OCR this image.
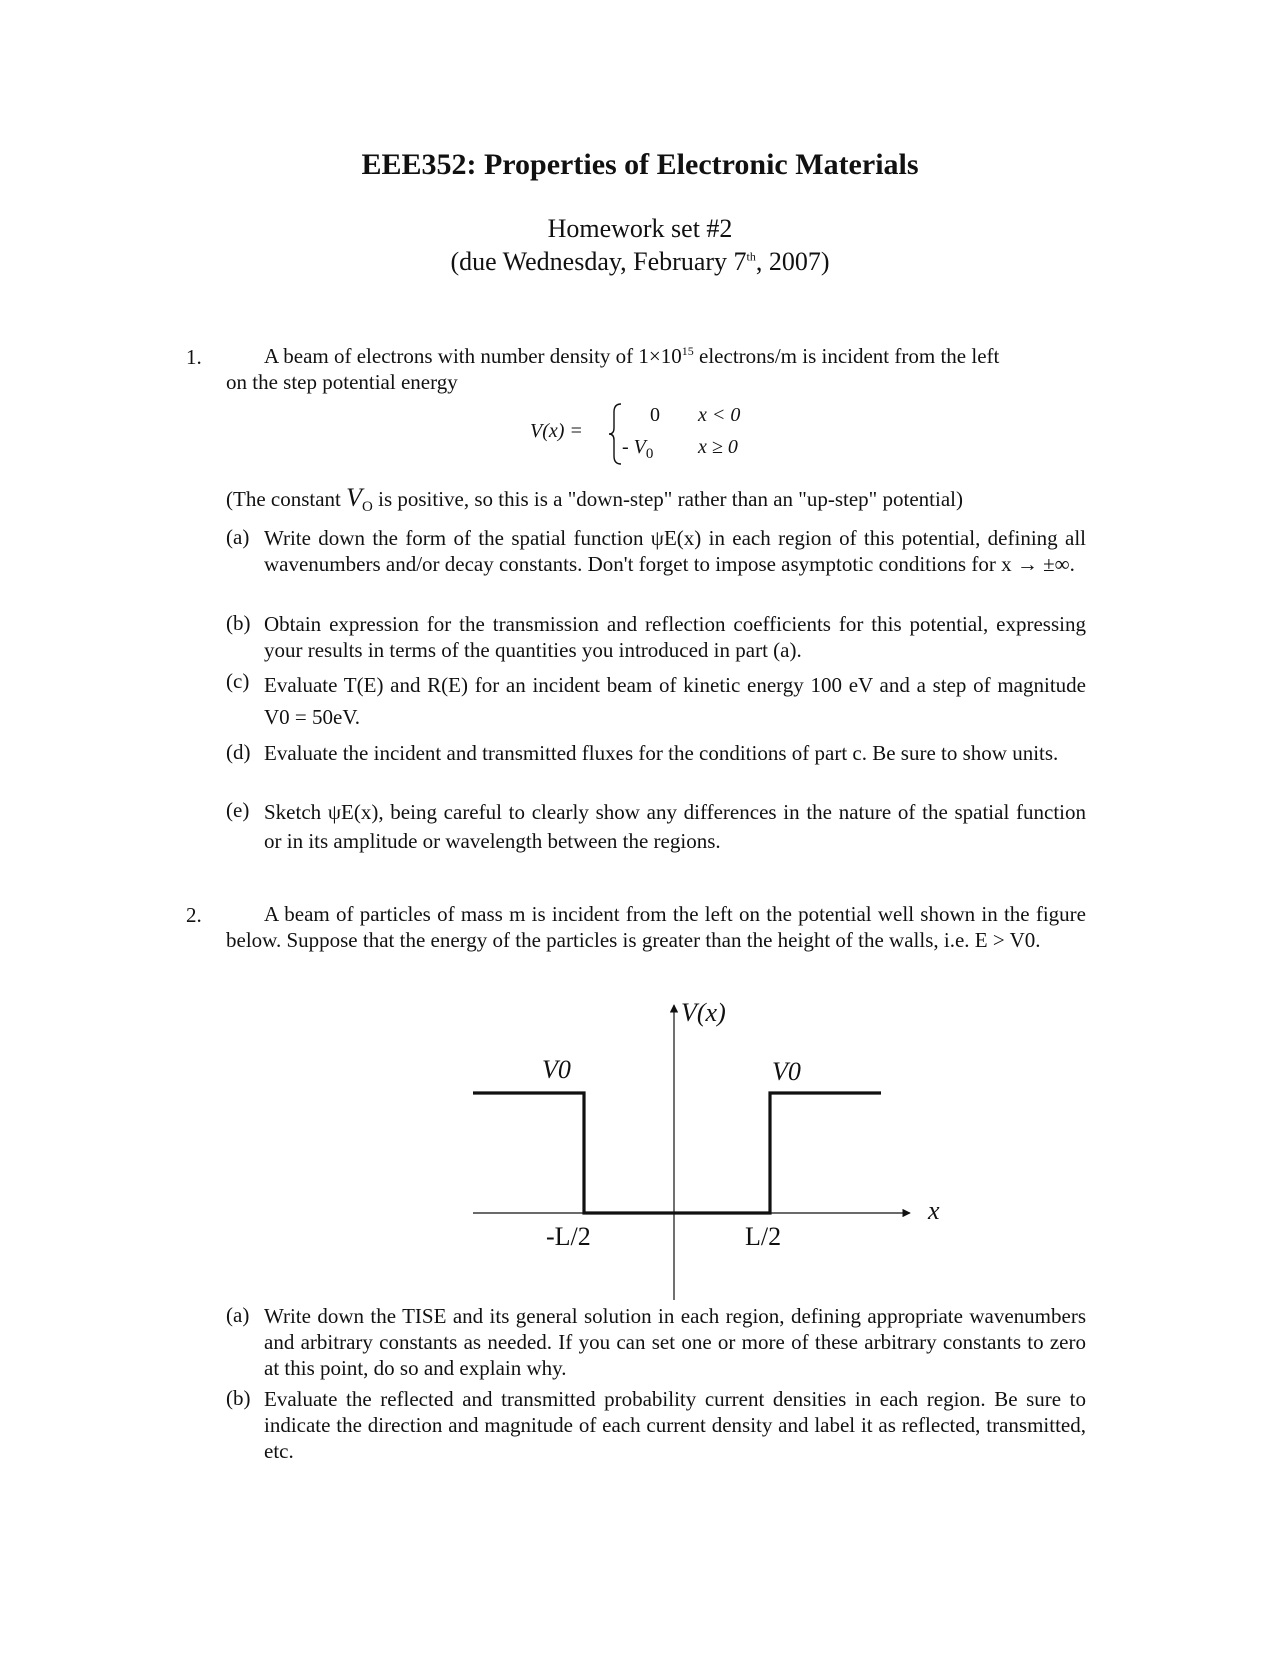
EEE352: Properties of Electronic Materials
Homework set #2
(due Wednesday, February 7th, 2007)
1.	A beam of electrons with number density of $1\times 10^{15}$ electrons/m is incident from the left
on the step potential energy
V(x) =
0 x < 0
- $V_0$ x ≥ 0
(The constant $V_O$ is positive, so this is a "down-step" rather than an "up-step" potential)
(a) Write down the form of the spatial function ψE(x) in each region of this potential, defining all wavenumbers and/or decay constants. Don't forget to impose asymptotic conditions for x → ±∞.
(b) Obtain expression for the transmission and reflection coefficients for this potential, expressing your results in terms of the quantities you introduced in part (a).
(c) Evaluate T(E) and R(E) for an incident beam of kinetic energy 100 eV and a step of magnitude V0 = 50eV.
(d) Evaluate the incident and transmitted fluxes for the conditions of part c. Be sure to show units.
(e) Sketch ψE(x), being careful to clearly show any differences in the nature of the spatial function or in its amplitude or wavelength between the regions.
2.	A beam of particles of mass m is incident from the left on the potential well shown in the figure below. Suppose that the energy of the particles is greater than the height of the walls, i.e. E > V0.
V(x)
x
V0	V0
-L/2	L/2
(a) Write down the TISE and its general solution in each region, defining appropriate wavenumbers and arbitrary constants as needed. If you can set one or more of these arbitrary constants to zero at this point, do so and explain why.
(b) Evaluate the reflected and transmitted probability current densities in each region. Be sure to indicate the direction and magnitude of each current density and label it as reflected, transmitted, etc.
